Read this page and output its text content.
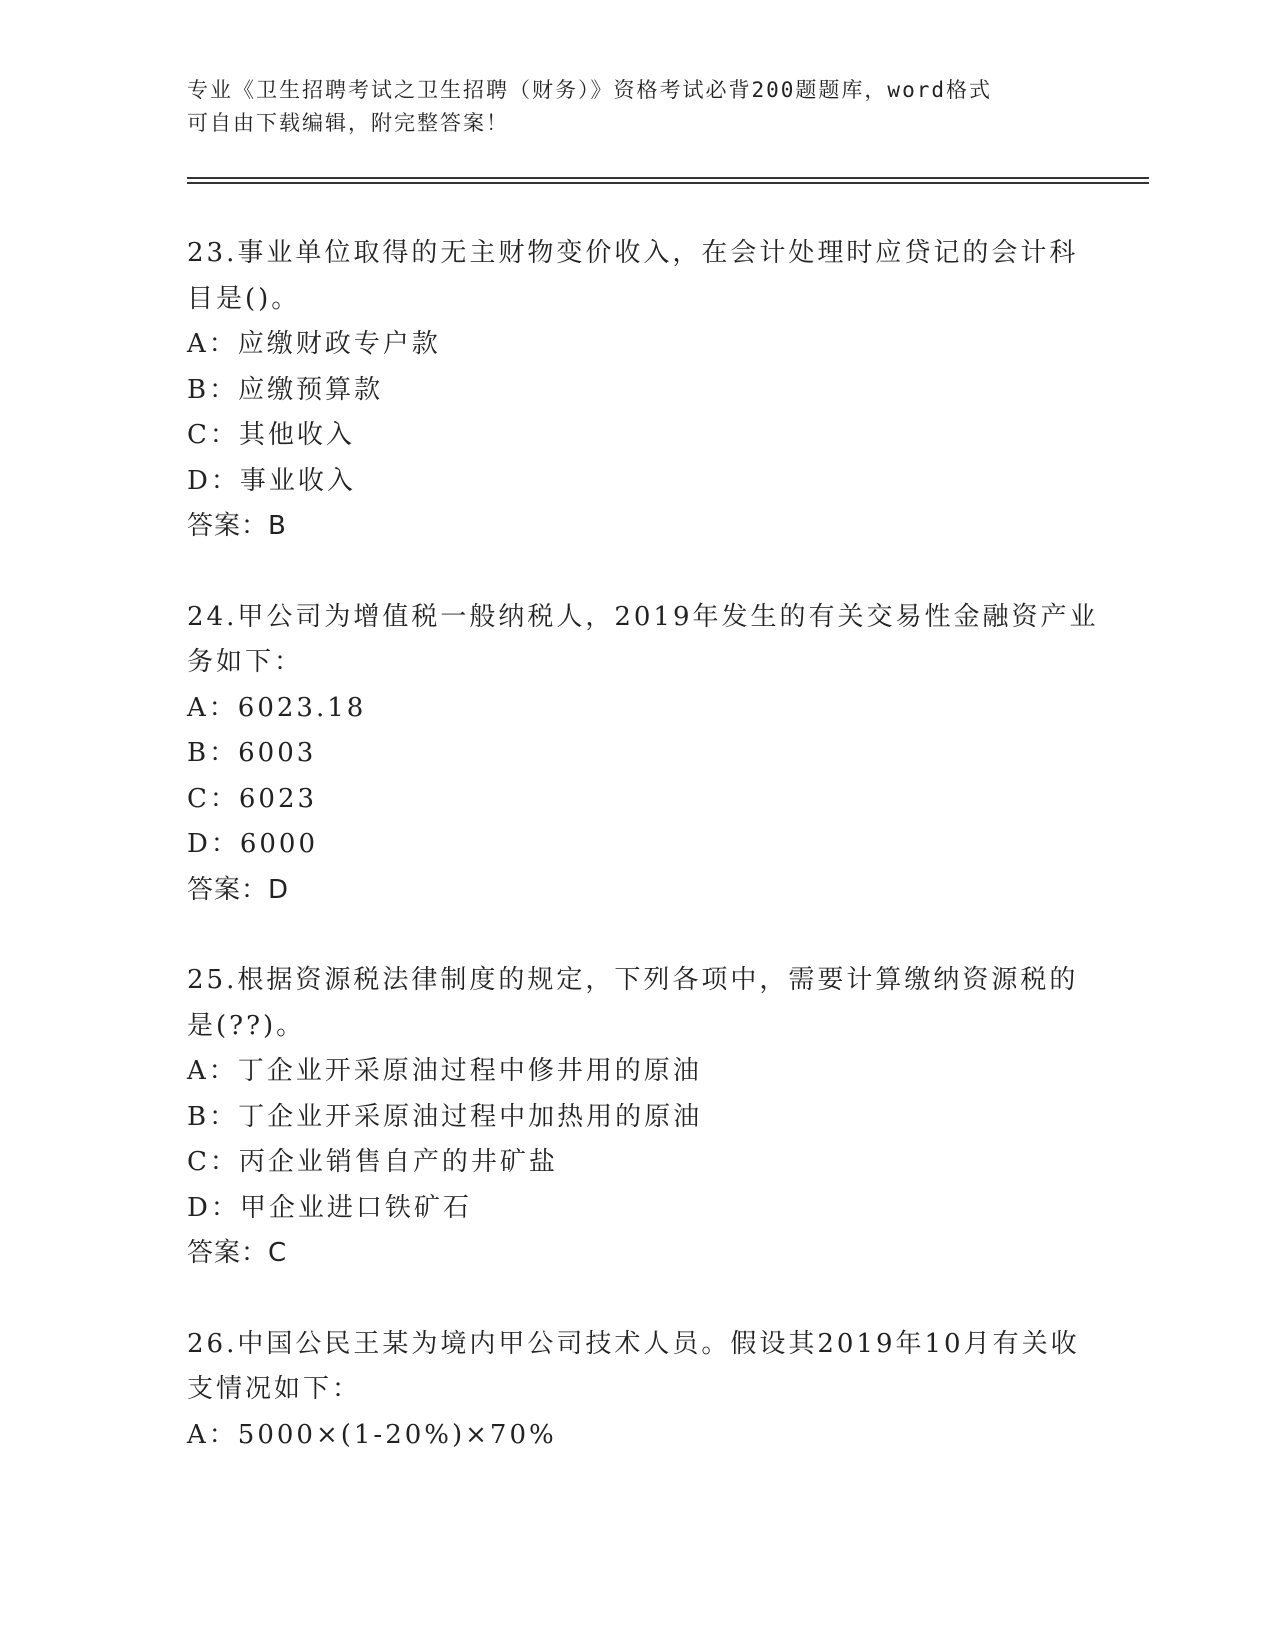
专业《卫生招聘考试之卫生招聘（财务）》资格考试必背200题题库，word格式
可自由下载编辑，附完整答案！
23.事业单位取得的无主财物变价收入，在会计处理时应贷记的会计科
目是()。
A：应缴财政专户款
B：应缴预算款
C：其他收入
D：事业收入
答案：B
24.甲公司为增值税一般纳税人，2019年发生的有关交易性金融资产业
务如下：
A：6023.18
B：6003
C：6023
D：6000
答案：D
25.根据资源税法律制度的规定，下列各项中，需要计算缴纳资源税的
是(??)。
A：丁企业开采原油过程中修井用的原油
B：丁企业开采原油过程中加热用的原油
C：丙企业销售自产的井矿盐
D：甲企业进口铁矿石
答案：C
26.中国公民王某为境内甲公司技术人员。假设其2019年10月有关收
支情况如下：
A：5000×(1-20%)×70%
